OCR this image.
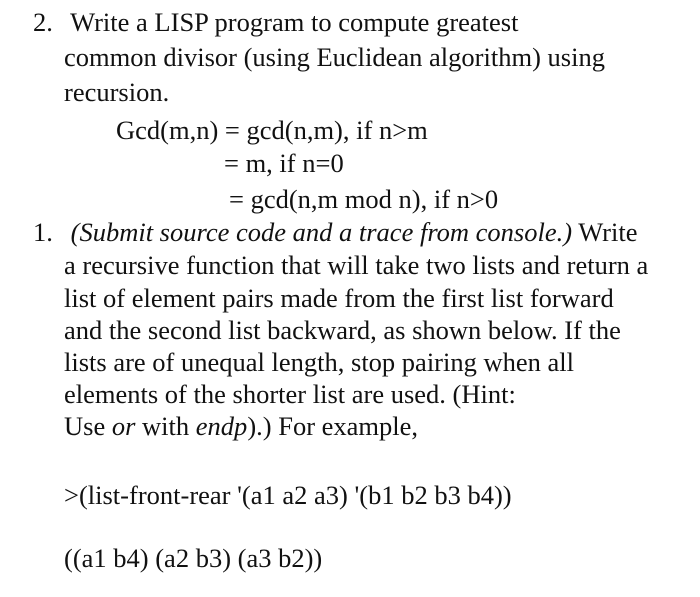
2. Write a LISP program to compute greatest
common divisor (using Euclidean algorithm) using
recursion.
Gcd(m,n) = gcd(n,m), if n>m
= m, if n=0
= gcd(n,m mod n), if n>0
1. (Submit source code and a trace from console.) Write
a recursive function that will take two lists and return a
list of element pairs made from the first list forward
and the second list backward, as shown below. If the
lists are of unequal length, stop pairing when all
elements of the shorter list are used. (Hint:
Use or with endp).) For example,
>(list-front-rear '(a1 a2 a3) '(b1 b2 b3 b4))
((a1 b4) (a2 b3) (a3 b2))
